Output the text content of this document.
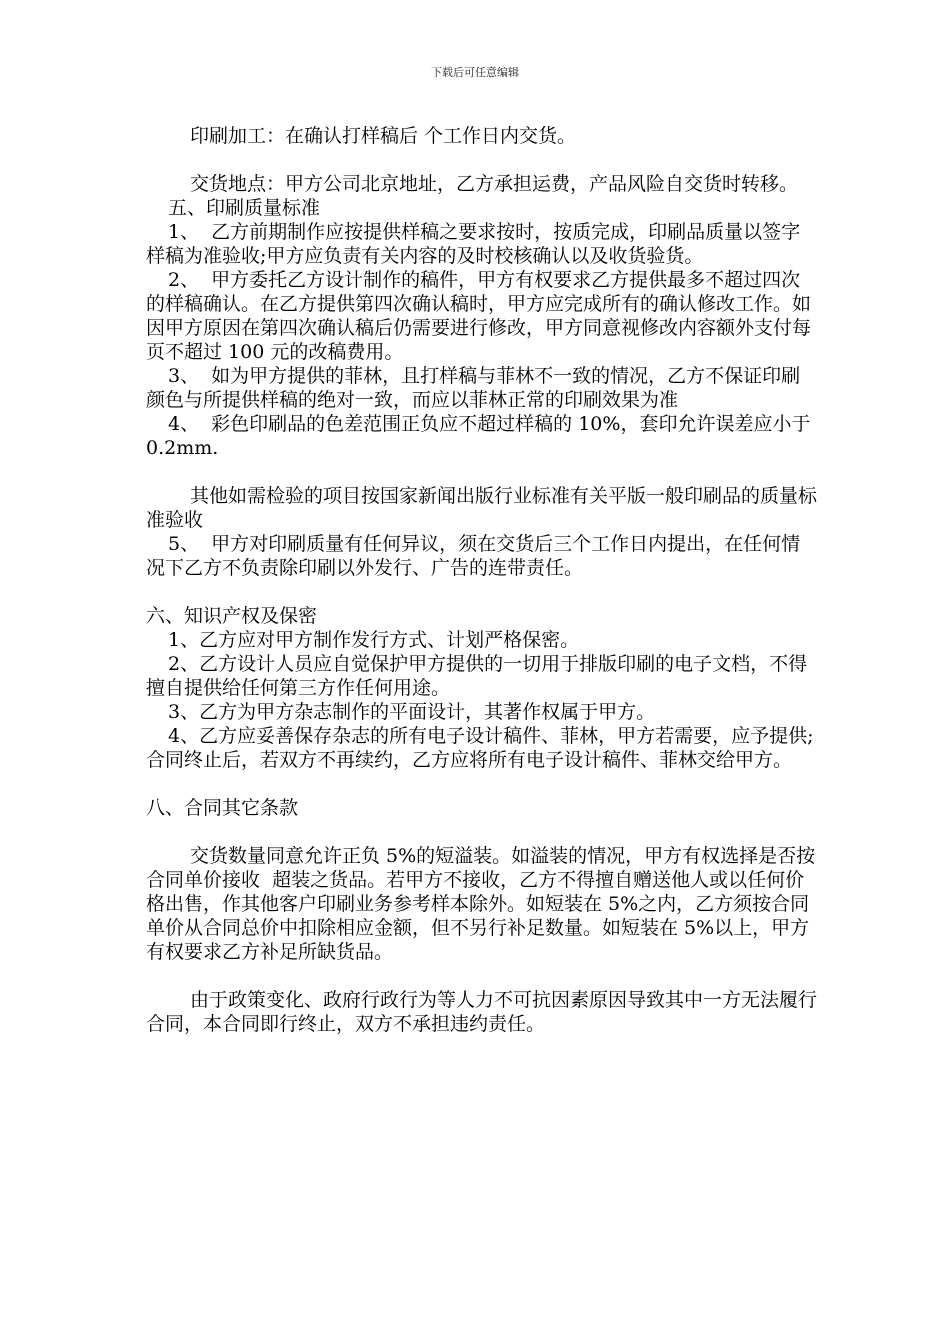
下载后可任意编辑

印刷加工：在确认打样稿后 个工作日内交货。

交货地点：甲方公司北京地址，乙方承担运费，产品风险自交货时转移。

五、印刷质量标准

1、  乙方前期制作应按提供样稿之要求按时，按质完成，印刷品质量以签字样稿为准验收;甲方应负责有关内容的及时校核确认以及收货验货。

2、  甲方委托乙方设计制作的稿件，甲方有权要求乙方提供最多不超过四次的样稿确认。在乙方提供第四次确认稿时，甲方应完成所有的确认修改工作。如因甲方原因在第四次确认稿后仍需要进行修改，甲方同意视修改内容额外支付每页不超过 100 元的改稿费用。

3、  如为甲方提供的菲林，且打样稿与菲林不一致的情况，乙方不保证印刷颜色与所提供样稿的绝对一致，而应以菲林正常的印刷效果为准

4、  彩色印刷品的色差范围正负应不超过样稿的 10%，套印允许误差应小于 0.2mm.

其他如需检验的项目按国家新闻出版行业标准有关平版一般印刷品的质量标准验收

5、  甲方对印刷质量有任何异议，须在交货后三个工作日内提出，在任何情况下乙方不负责除印刷以外发行、广告的连带责任。

六、知识产权及保密

1、乙方应对甲方制作发行方式、计划严格保密。

2、乙方设计人员应自觉保护甲方提供的一切用于排版印刷的电子文档，不得擅自提供给任何第三方作任何用途。

3、乙方为甲方杂志制作的平面设计，其著作权属于甲方。

4、乙方应妥善保存杂志的所有电子设计稿件、菲林，甲方若需要，应予提供;合同终止后，若双方不再续约，乙方应将所有电子设计稿件、菲林交给甲方。

八、合同其它条款

交货数量同意允许正负 5%的短溢装。如溢装的情况，甲方有权选择是否按合同单价接收  超装之货品。若甲方不接收，乙方不得擅自赠送他人或以任何价格出售，作其他客户印刷业务参考样本除外。如短装在 5%之内，乙方须按合同单价从合同总价中扣除相应金额，但不另行补足数量。如短装在 5%以上，甲方有权要求乙方补足所缺货品。

由于政策变化、政府行政行为等人力不可抗因素原因导致其中一方无法履行合同，本合同即行终止，双方不承担违约责任。
